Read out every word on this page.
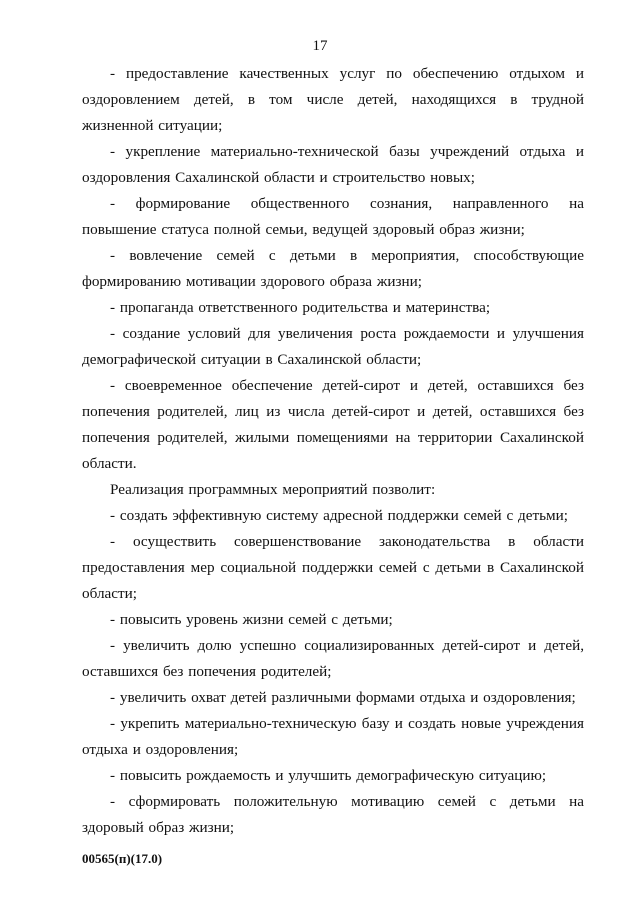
17

- предоставление качественных услуг по обеспечению отдыхом и оздоровлением детей, в том числе детей, находящихся в трудной жизненной ситуации;

- укрепление материально-технической базы учреждений отдыха и оздоровления Сахалинской области и строительство новых;

- формирование общественного сознания, направленного на повышение статуса полной семьи, ведущей здоровый образ жизни;

- вовлечение семей с детьми в мероприятия, способствующие формированию мотивации здорового образа жизни;

- пропаганда ответственного родительства и материнства;

- создание условий для увеличения роста рождаемости и улучшения демографической ситуации в Сахалинской области;

- своевременное обеспечение детей-сирот и детей, оставшихся без попечения родителей, лиц из числа детей-сирот и детей, оставшихся без попечения родителей, жилыми помещениями на территории Сахалинской области.

Реализация программных мероприятий позволит:

- создать эффективную систему адресной поддержки семей с детьми;

- осуществить совершенствование законодательства в области предоставления мер социальной поддержки семей с детьми в Сахалинской области;

- повысить уровень жизни семей с детьми;

- увеличить долю успешно социализированных детей-сирот и детей, оставшихся без попечения родителей;

- увеличить охват детей различными формами отдыха и оздоровления;

- укрепить материально-техническую базу и создать новые учреждения отдыха и оздоровления;

- повысить рождаемость и улучшить демографическую ситуацию;

- сформировать положительную мотивацию семей с детьми на здоровый образ жизни;

00565(п)(17.0)
